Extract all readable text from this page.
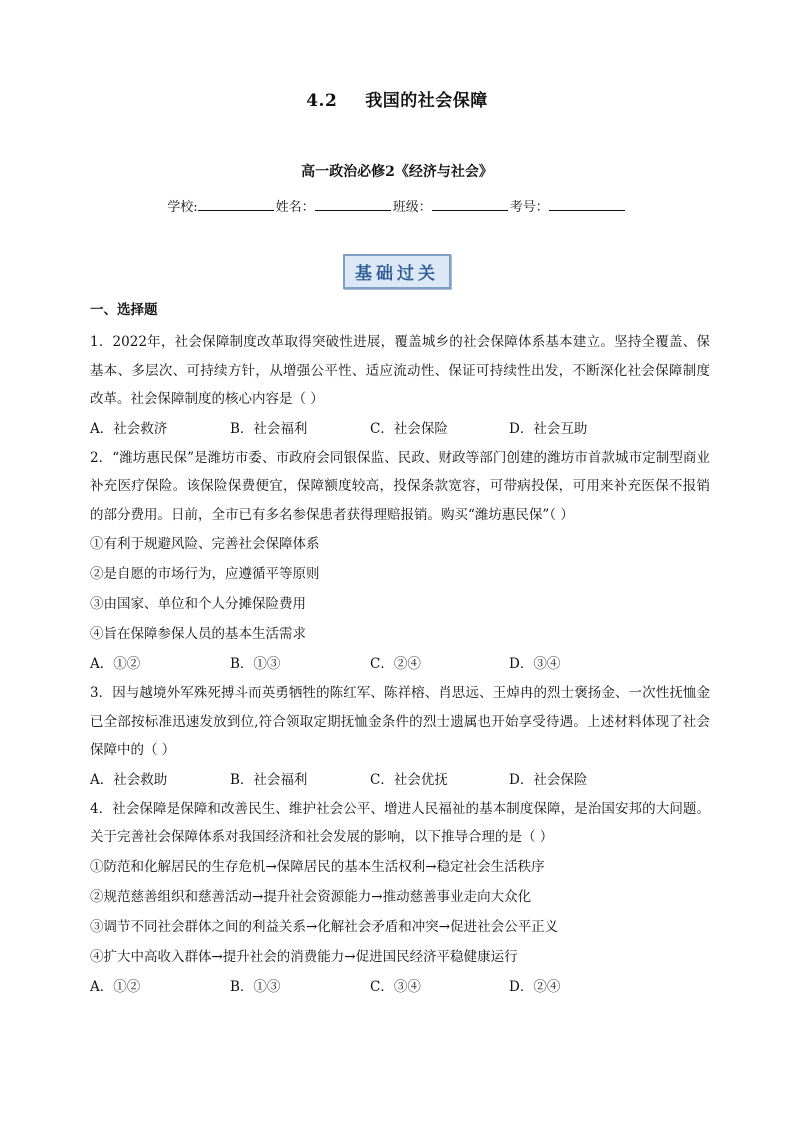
4.2 我国的社会保障
高一政治必修2《经济与社会》
学校:	姓名：	班级：	考号：
基础过关
一、选择题

1．2022年，社会保障制度改革取得突破性进展，覆盖城乡的社会保障体系基本建立。坚持全覆盖、保基本、多层次、可持续方针，从增强公平性、适应流动性、保证可持续性出发，不断深化社会保障制度改革。社会保障制度的核心内容是（ ）

A．社会救济	B．社会福利	C．社会保险	D．社会互助

2．“潍坊惠民保”是潍坊市委、市政府会同银保监、民政、财政等部门创建的潍坊市首款城市定制型商业补充医疗保险。该保险保费便宜，保障额度较高，投保条款宽容，可带病投保，可用来补充医保不报销的部分费用。日前，全市已有多名参保患者获得理赔报销。购买“潍坊惠民保”（ ）

①有利于规避风险、完善社会保障体系

②是自愿的市场行为，应遵循平等原则

③由国家、单位和个人分摊保险费用

④旨在保障参保人员的基本生活需求

A．①②	B．①③	C．②④	D．③④

3．因与越境外军殊死搏斗而英勇牺牲的陈红军、陈祥榕、肖思远、王焯冉的烈士褒扬金、一次性抚恤金已全部按标准迅速发放到位,符合领取定期抚恤金条件的烈士遗属也开始享受待遇。上述材料体现了社会保障中的（ ）

A．社会救助	B．社会福利	C．社会优抚	D．社会保险

4．社会保障是保障和改善民生、维护社会公平、增进人民福祉的基本制度保障，是治国安邦的大问题。关于完善社会保障体系对我国经济和社会发展的影响，以下推导合理的是（ ）

①防范和化解居民的生存危机→保障居民的基本生活权利→稳定社会生活秩序

②规范慈善组织和慈善活动→提升社会资源能力→推动慈善事业走向大众化

③调节不同社会群体之间的利益关系→化解社会矛盾和冲突→促进社会公平正义

④扩大中高收入群体→提升社会的消费能力→促进国民经济平稳健康运行

A．①②	B．①③	C．③④	D．②④
